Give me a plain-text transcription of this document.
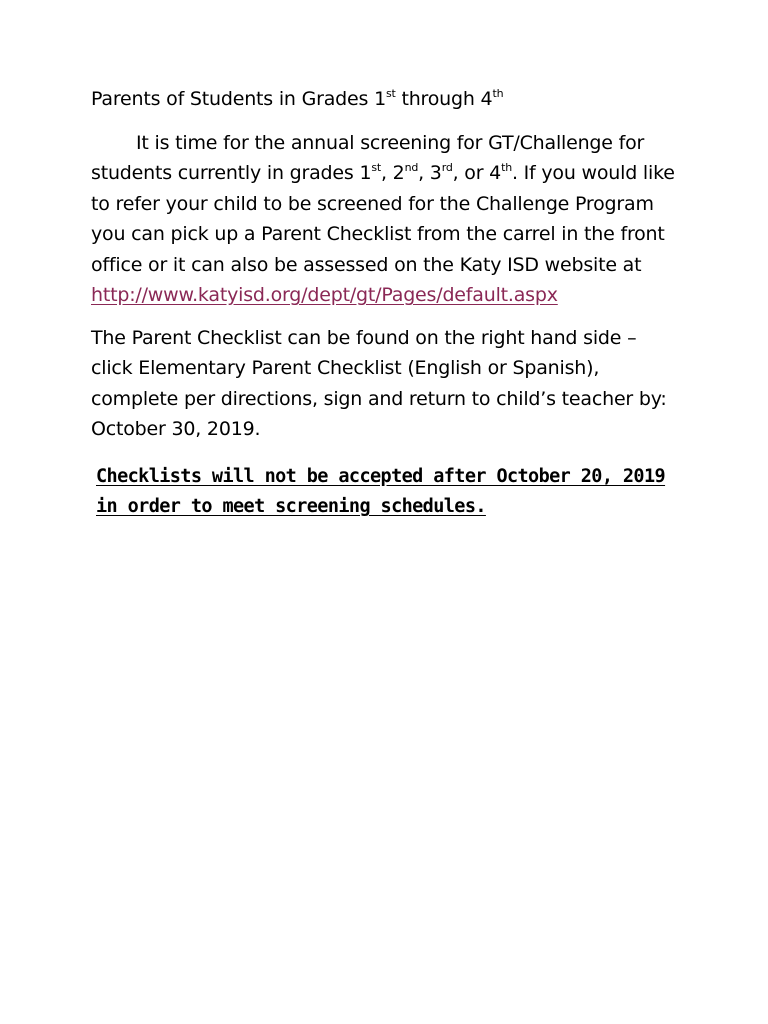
Parents of Students in Grades 1st through 4th

It is time for the annual screening for GT/Challenge for students currently in grades 1st, 2nd, 3rd, or 4th. If you would like to refer your child to be screened for the Challenge Program you can pick up a Parent Checklist from the carrel in the front office or it can also be assessed on the Katy ISD website at
http://www.katyisd.org/dept/gt/Pages/default.aspx

The Parent Checklist can be found on the right hand side – click Elementary Parent Checklist (English or Spanish), complete per directions, sign and return to child’s teacher by: October 30, 2019.

Checklists will not be accepted after October 20, 2019 in order to meet screening schedules.
